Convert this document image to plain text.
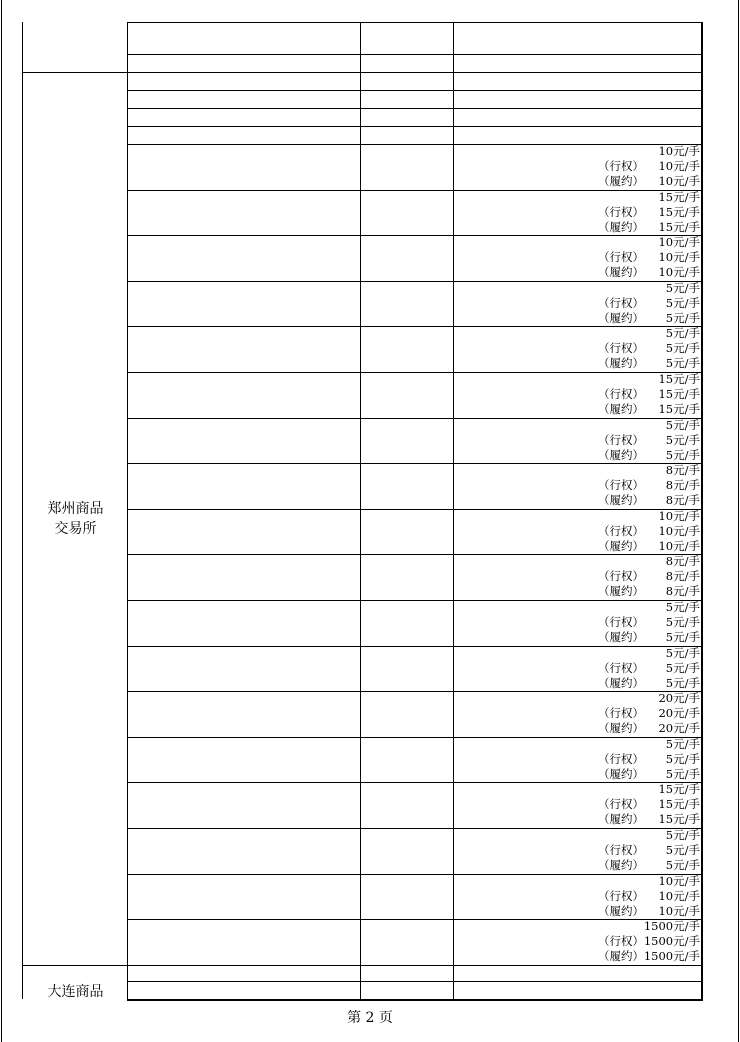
10元/手
（行权） 10元/手
（履约） 10元/手
15元/手
（行权） 15元/手
（履约） 15元/手
10元/手
（行权） 10元/手
（履约） 10元/手
5元/手
（行权） 5元/手
（履约） 5元/手
5元/手
（行权） 5元/手
（履约） 5元/手
15元/手
（行权） 15元/手
（履约） 15元/手
5元/手
（行权） 5元/手
（履约） 5元/手
8元/手
（行权） 8元/手
（履约） 8元/手
10元/手
（行权） 10元/手
（履约） 10元/手
8元/手
（行权） 8元/手
（履约） 8元/手
5元/手
（行权） 5元/手
（履约） 5元/手
5元/手
（行权） 5元/手
（履约） 5元/手
20元/手
（行权） 20元/手
（履约） 20元/手
5元/手
（行权） 5元/手
（履约） 5元/手
15元/手
（行权） 15元/手
（履约） 15元/手
5元/手
（行权） 5元/手
（履约） 5元/手
10元/手
（行权） 10元/手
（履约） 10元/手
1500元/手
（行权） 1500元/手
（履约） 1500元/手
郑州商品
交易所
大连商品
第 2 页
